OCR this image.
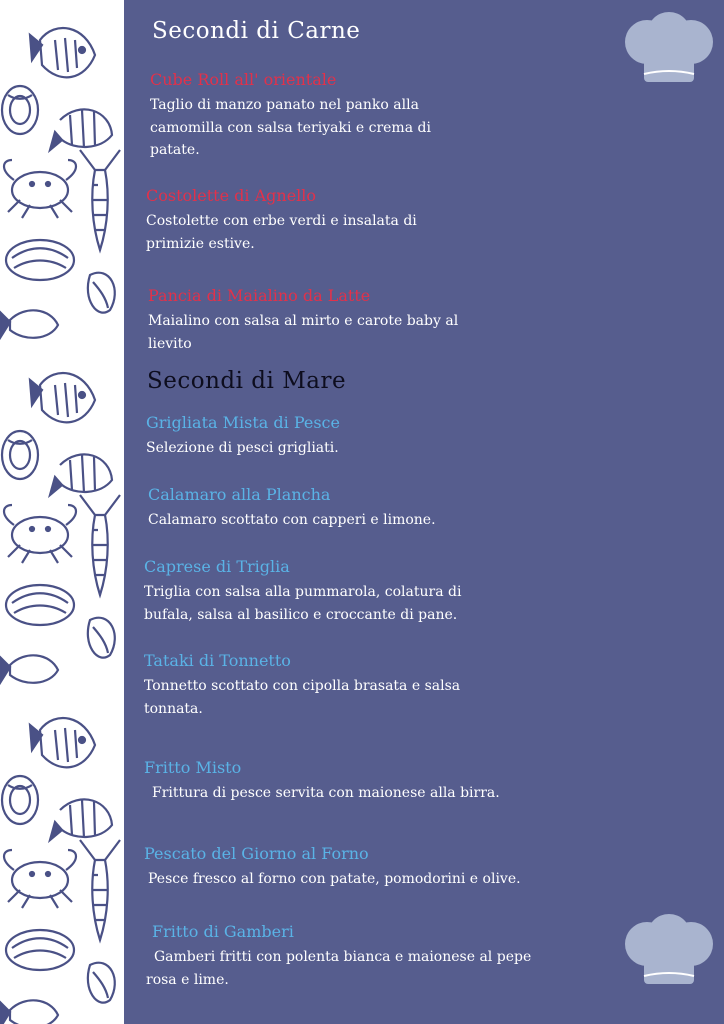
Secondi di Carne

Cube Roll all' orientale

Taglio di manzo panato nel panko alla camomilla con salsa teriyaki e crema di patate.

Costolette di Agnello

Costolette con erbe verdi e insalata di primizie estive.

Pancia di Maialino da Latte

Maialino con salsa al mirto e carote baby al lievito

Secondi di Mare

Grigliata Mista di Pesce

Selezione di pesci grigliati.

Calamaro alla Plancha

Calamaro scottato con capperi e limone.

Caprese di Triglia

Triglia con salsa alla pummarola, colatura di bufala, salsa al basilico e croccante di pane.

Tataki di Tonnetto

Tonnetto scottato con cipolla brasata e salsa tonnata.

Fritto Misto

Frittura di pesce servita con maionese alla birra.

Pescato del Giorno al Forno

Pesce fresco al forno con patate, pomodorini e olive.

Fritto di Gamberi

Gamberi fritti con polenta bianca e maionese al pepe rosa e lime.
